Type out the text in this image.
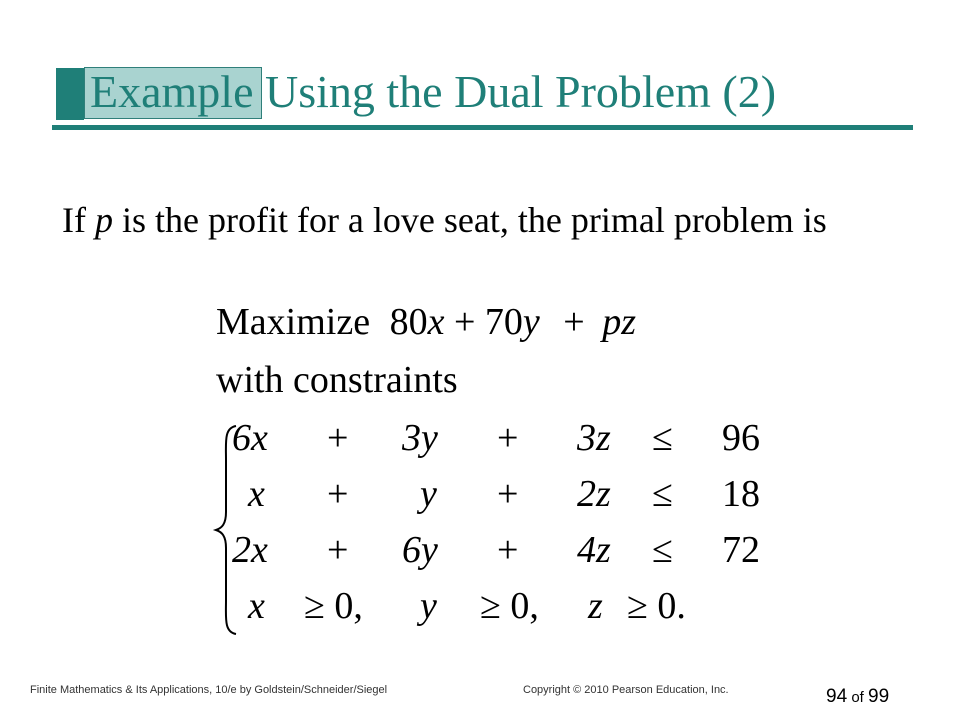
Example Using the Dual Problem (2)

If p is the profit for a love seat, the primal problem is

Maximize 80x + 70y + pz
with constraints
6x + 3y + 3z ≤ 96
x + y + 2z ≤ 18
2x + 6y + 4z ≤ 72
x ≥ 0, y ≥ 0, z ≥ 0.
Finite Mathematics & Its Applications, 10/e by Goldstein/Schneider/Siegel	Copyright © 2010 Pearson Education, Inc.	94 of 99
